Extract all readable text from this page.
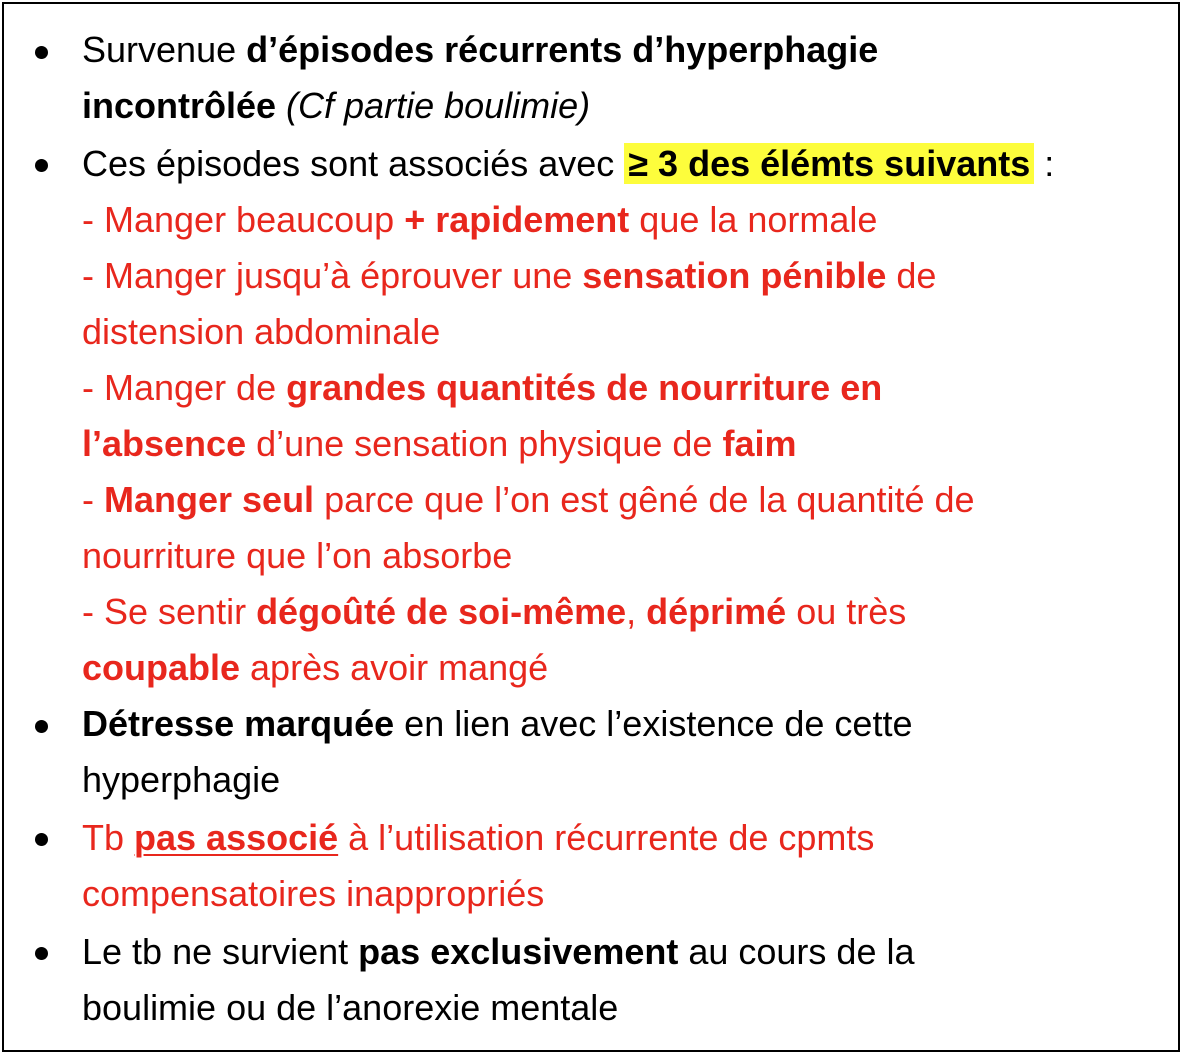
Survenue d’épisodes récurrents d’hyperphagie
incontrôlée (Cf partie boulimie)
Ces épisodes sont associés avec ≥ 3 des élémts suivants :
- Manger beaucoup + rapidement que la normale
- Manger jusqu’à éprouver une sensation pénible de
distension abdominale
- Manger de grandes quantités de nourriture en
l’absence d’une sensation physique de faim
- Manger seul parce que l’on est gêné de la quantité de
nourriture que l’on absorbe
- Se sentir dégoûté de soi-même, déprimé ou très
coupable après avoir mangé
Détresse marquée en lien avec l’existence de cette
hyperphagie
Tb pas associé à l’utilisation récurrente de cpmts
compensatoires inappropriés
Le tb ne survient pas exclusivement au cours de la
boulimie ou de l’anorexie mentale
